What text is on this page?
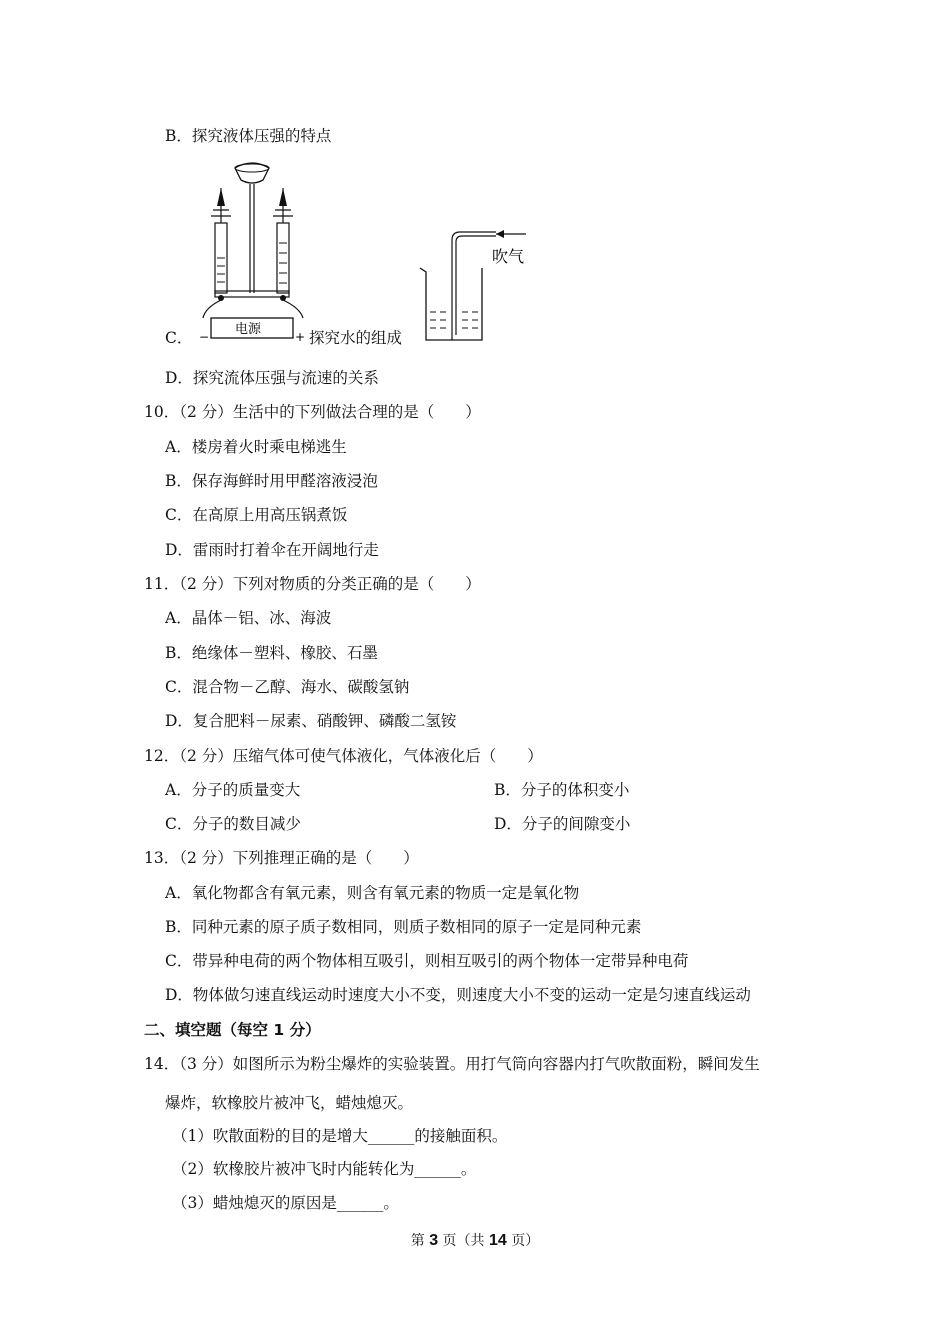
B．探究液体压强的特点
电源
−	+
C．	探究水的组成
吹气
D．探究流体压强与流速的关系
10．（2 分）生活中的下列做法合理的是（　　）
A．楼房着火时乘电梯逃生
B．保存海鲜时用甲醛溶液浸泡
C．在高原上用高压锅煮饭
D．雷雨时打着伞在开阔地行走
11．（2 分）下列对物质的分类正确的是（　　）
A．晶体－铝、冰、海波
B．绝缘体－塑料、橡胶、石墨
C．混合物－乙醇、海水、碳酸氢钠
D．复合肥料－尿素、硝酸钾、磷酸二氢铵
12．（2 分）压缩气体可使气体液化，气体液化后（　　）
A．分子的质量变大	B．分子的体积变小
C．分子的数目减少	D．分子的间隙变小
13．（2 分）下列推理正确的是（　　）
A．氧化物都含有氧元素，则含有氧元素的物质一定是氧化物
B．同种元素的原子质子数相同，则质子数相同的原子一定是同种元素
C．带异种电荷的两个物体相互吸引，则相互吸引的两个物体一定带异种电荷
D．物体做匀速直线运动时速度大小不变，则速度大小不变的运动一定是匀速直线运动
二、填空题（每空 1 分）
14．（3 分）如图所示为粉尘爆炸的实验装置。用打气筒向容器内打气吹散面粉，瞬间发生
爆炸，软橡胶片被冲飞，蜡烛熄灭。
（1）吹散面粉的目的是增大______的接触面积。
（2）软橡胶片被冲飞时内能转化为______。
（3）蜡烛熄灭的原因是______。
第 3 页（共 14 页）
